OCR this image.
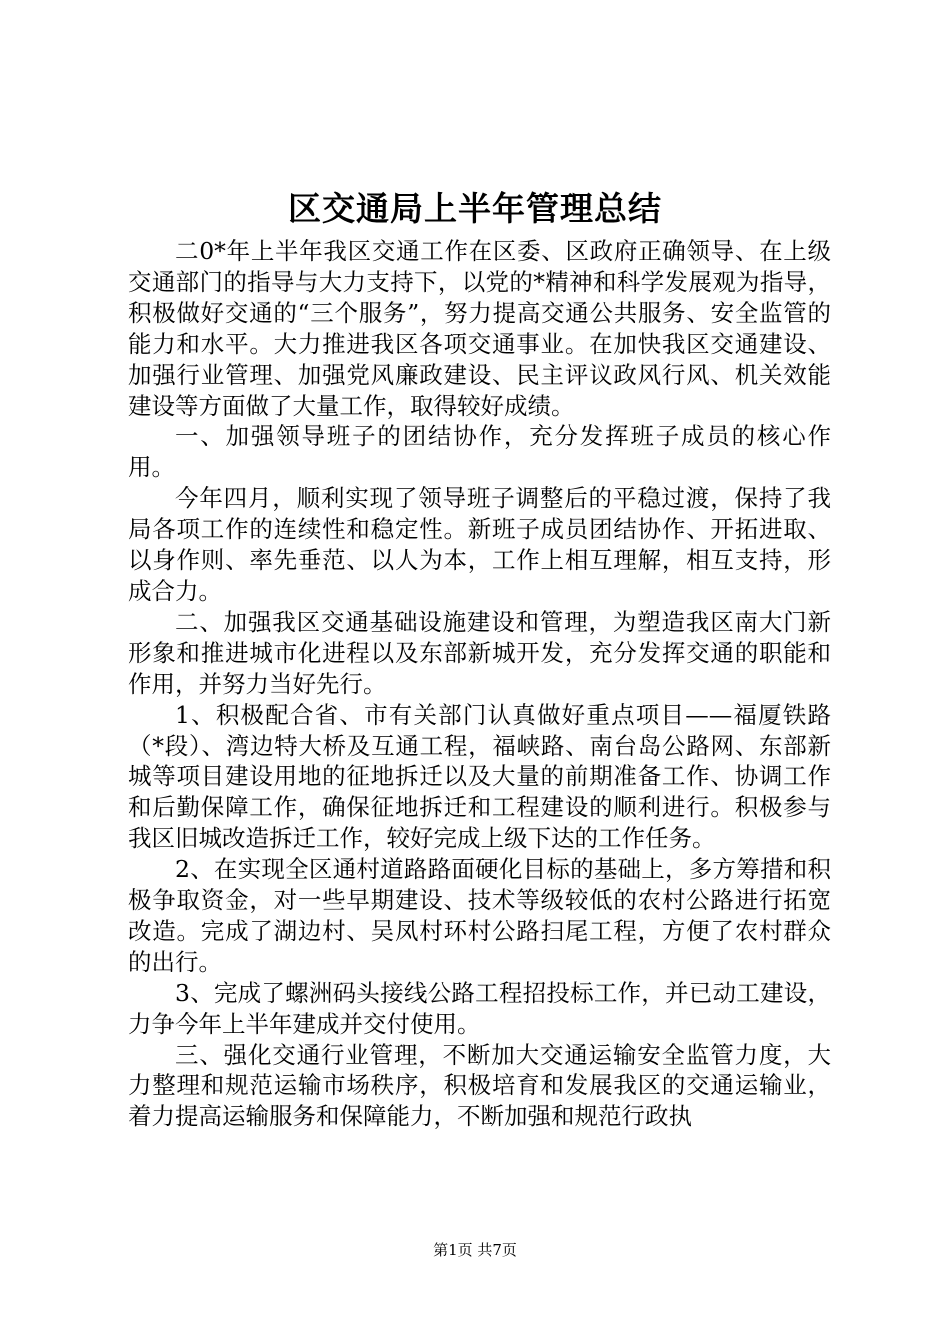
区交通局上半年管理总结

二0*年上半年我区交通工作在区委、区政府正确领导、在上级交通部门的指导与大力支持下，以党的*精神和科学发展观为指导，积极做好交通的“三个服务”，努力提高交通公共服务、安全监管的能力和水平。大力推进我区各项交通事业。在加快我区交通建设、加强行业管理、加强党风廉政建设、民主评议政风行风、机关效能建设等方面做了大量工作，取得较好成绩。

一、加强领导班子的团结协作，充分发挥班子成员的核心作用。

今年四月，顺利实现了领导班子调整后的平稳过渡，保持了我局各项工作的连续性和稳定性。新班子成员团结协作、开拓进取、以身作则、率先垂范、以人为本，工作上相互理解，相互支持，形成合力。

二、加强我区交通基础设施建设和管理，为塑造我区南大门新形象和推进城市化进程以及东部新城开发，充分发挥交通的职能和作用，并努力当好先行。

1、积极配合省、市有关部门认真做好重点项目——福厦铁路（*段）、湾边特大桥及互通工程，福峡路、南台岛公路网、东部新城等项目建设用地的征地拆迁以及大量的前期准备工作、协调工作和后勤保障工作，确保征地拆迁和工程建设的顺利进行。积极参与我区旧城改造拆迁工作，较好完成上级下达的工作任务。

2、在实现全区通村道路路面硬化目标的基础上，多方筹措和积极争取资金，对一些早期建设、技术等级较低的农村公路进行拓宽改造。完成了湖边村、吴凤村环村公路扫尾工程，方便了农村群众的出行。

3、完成了螺洲码头接线公路工程招投标工作，并已动工建设，力争今年上半年建成并交付使用。

三、强化交通行业管理，不断加大交通运输安全监管力度，大力整理和规范运输市场秩序，积极培育和发展我区的交通运输业，着力提高运输服务和保障能力，不断加强和规范行政执

第1页 共7页
